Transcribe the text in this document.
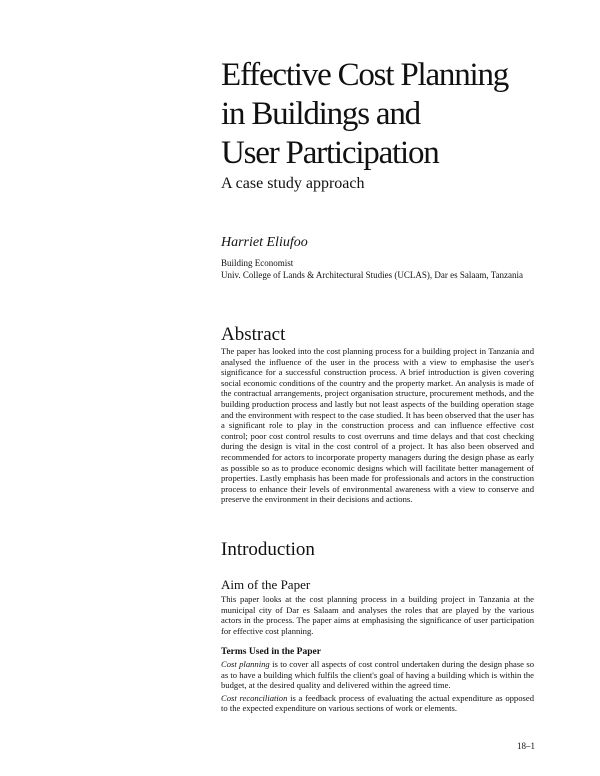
Effective Cost Planning
in Buildings and
User Participation

A case study approach

Harriet Eliufoo

Building Economist

Univ. College of Lands & Architectural Studies (UCLAS), Dar es Salaam, Tanzania

Abstract

The paper has looked into the cost planning process for a building project in Tanzania and analysed the influence of the user in the process with a view to emphasise the user's significance for a successful construction process. A brief introduction is given covering social economic conditions of the country and the property market. An analysis is made of the contractual arrangements, project organisation structure, procurement methods, and the building production process and lastly but not least aspects of the building operation stage and the environment with respect to the case studied. It has been observed that the user has a significant role to play in the construction process and can influence effective cost control; poor cost control results to cost overruns and time delays and that cost checking during the design is vital in the cost control of a project. It has also been observed and recommended for actors to incorporate property managers during the design phase as early as possible so as to produce economic designs which will facilitate better management of properties. Lastly emphasis has been made for professionals and actors in the construction process to enhance their levels of environmental awareness with a view to conserve and preserve the environment in their decisions and actions.

Introduction
Aim of the Paper

This paper looks at the cost planning process in a building project in Tanzania at the municipal city of Dar es Salaam and analyses the roles that are played by the various actors in the process. The paper aims at emphasising the significance of user participation for effective cost planning.

Terms Used in the Paper

Cost planning is to cover all aspects of cost control undertaken during the design phase so as to have a building which fulfils the client's goal of having a building which is within the budget, at the desired quality and delivered within the agreed time.

Cost reconciliation is a feedback process of evaluating the actual expenditure as opposed to the expected expenditure on various sections of work or elements.

18–1
